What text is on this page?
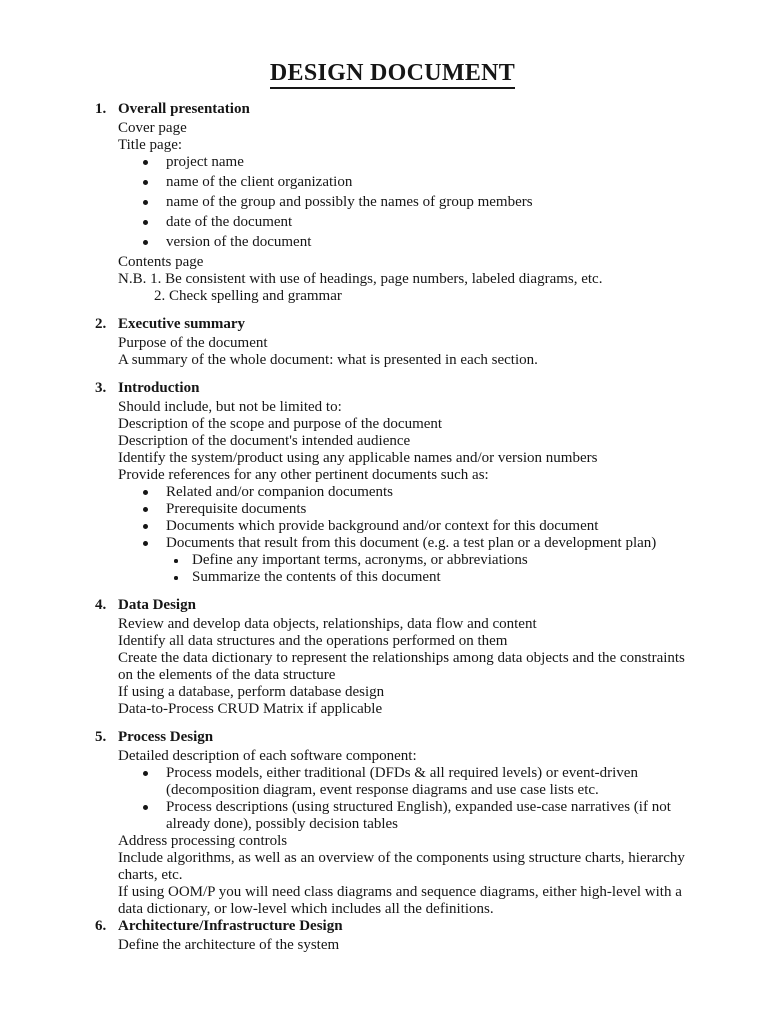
DESIGN DOCUMENT
1. Overall presentation

Cover page

Title page:

project name
name of the client organization
name of the group and possibly the names of group members
date of the document
version of the document

Contents page

N.B. 1. Be consistent with use of headings, page numbers, labeled diagrams, etc.

2. Check spelling and grammar

2. Executive summary

Purpose of the document

A summary of the whole document: what is presented in each section.

3. Introduction

Should include, but not be limited to:

Description of the scope and purpose of the document

Description of the document's intended audience

Identify the system/product using any applicable names and/or version numbers

Provide references for any other pertinent documents such as:

Related and/or companion documents
Prerequisite documents
Documents which provide background and/or context for this document
Documents that result from this document (e.g. a test plan or a development plan)
Define any important terms, acronyms, or abbreviations
Summarize the contents of this document
4. Data Design

Review and develop data objects, relationships, data flow and content

Identify all data structures and the operations performed on them

Create the data dictionary to represent the relationships among data objects and the constraints on the elements of the data structure

If using a database, perform database design

Data-to-Process CRUD Matrix if applicable

5. Process Design

Detailed description of each software component:

Process models, either traditional (DFDs & all required levels) or event-driven (decomposition diagram, event response diagrams and use case lists etc.
Process descriptions (using structured English), expanded use-case narratives (if not already done), possibly decision tables

Address processing controls

Include algorithms, as well as an overview of the components using structure charts, hierarchy charts, etc.

If using OOM/P you will need class diagrams and sequence diagrams, either high-level with a data dictionary, or low-level which includes all the definitions.

6. Architecture/Infrastructure Design

Define the architecture of the system
